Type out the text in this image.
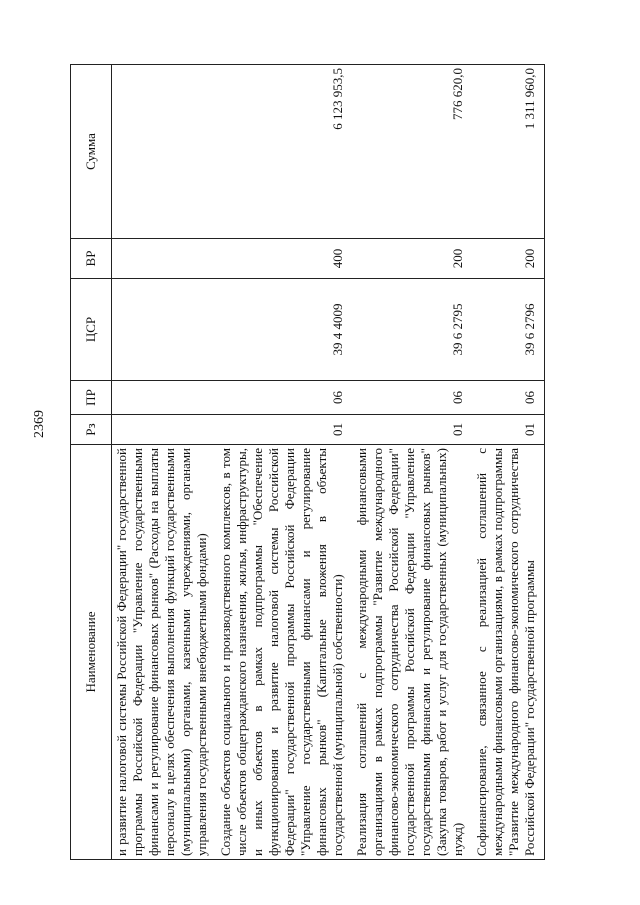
Наименование	Рз	ПР	ЦСР	ВР	Сумма
и развитие налоговой системы Российской Федерации" государственной программы Российской Федерации "Управление государственными финансами и регулирование финансовых рынков" (Расходы на выплаты персоналу в целях обеспечения выполнения функций государственными (муниципальными) органами, казенными учреждениями, органами управления государственными внебюджетными фондами)					
Создание объектов социального и производственного комплексов, в том числе объектов общегражданского назначения, жилья, инфраструктуры, и иных объектов в рамках подпрограммы "Обеспечение функционирования и развитие налоговой системы Российской Федерации" государственной программы Российской Федерации "Управление государственными финансами и регулирование финансовых рынков" (Капитальные вложения в объекты государственной (муниципальной) собственности)	01	06	39 4 4009	400	6 123 953,5
Реализация соглашений с международными финансовыми организациями в рамках подпрограммы "Развитие международного финансово-экономического сотрудничества Российской Федерации" государственной программы Российской Федерации "Управление государственными финансами и регулирование финансовых рынков" (Закупка товаров, работ и услуг для государственных (муниципальных) нужд)	01	06	39 6 2795	200	776 620,0
Софинансирование, связанное с реализацией соглашений с международными финансовыми организациями, в рамках подпрограммы "Развитие международного финансово-экономического сотрудничества Российской Федерации" государственной программы	01	06	39 6 2796	200	1 311 960,0
2369
